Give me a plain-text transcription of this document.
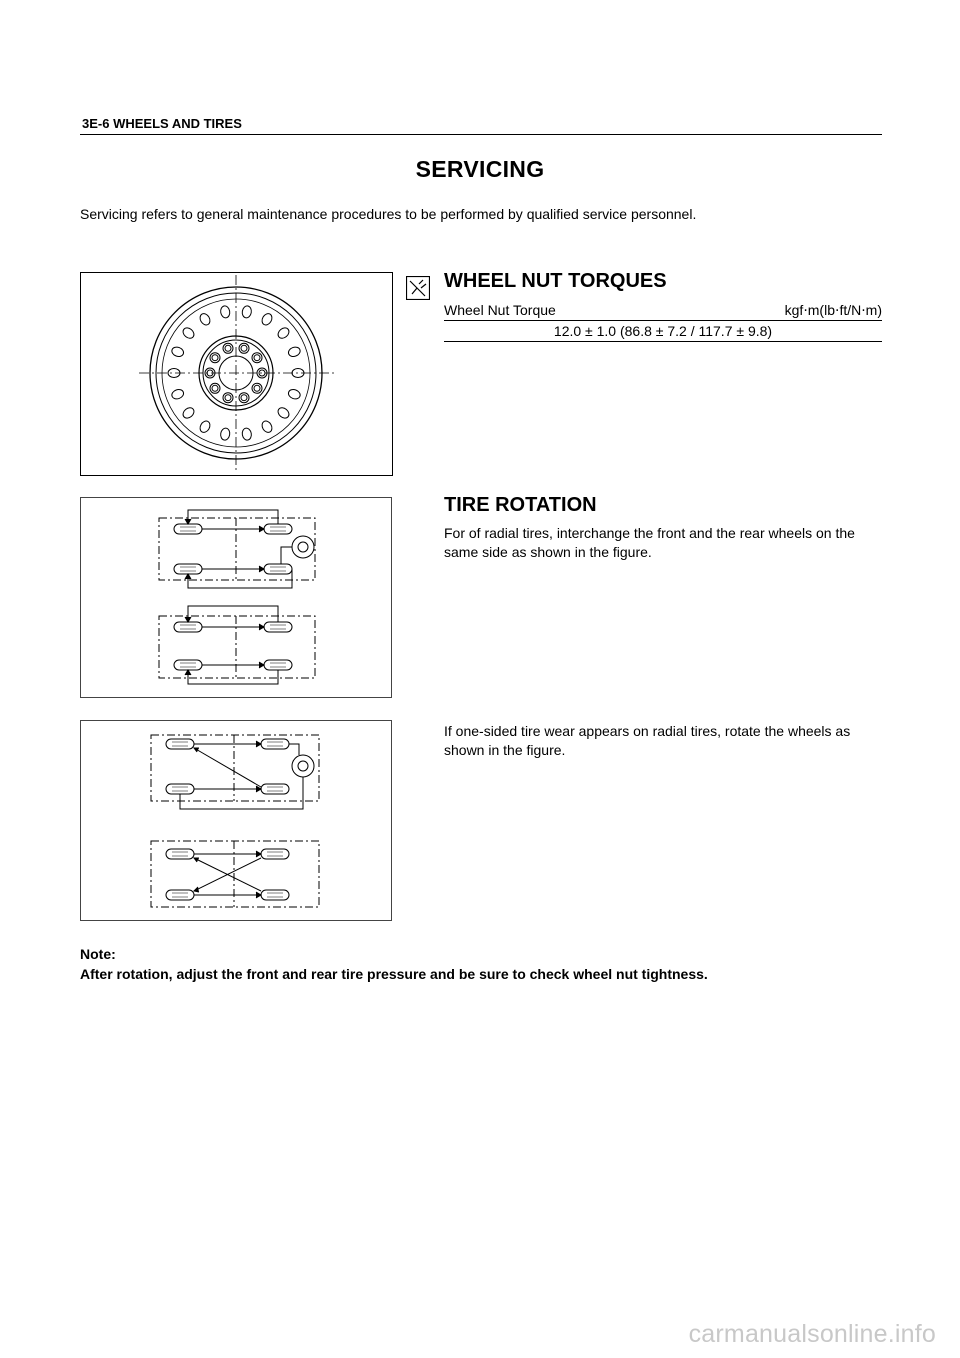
3E-6 WHEELS AND TIRES
SERVICING
Servicing refers to general maintenance procedures to be performed by qualified service personnel.
WHEEL NUT TORQUES
Wheel Nut Torque	kgf⋅m(lb⋅ft/N⋅m)
12.0 ± 1.0 (86.8 ± 7.2 / 117.7 ± 9.8)
TIRE ROTATION
For of radial tires, interchange the front and the rear wheels on the same side as shown in the figure.
If one-sided tire wear appears on radial tires, rotate the wheels as shown in the figure.
Note:
After rotation, adjust the front and rear tire pressure and be sure to check wheel nut tightness.
carmanualsonline.info
